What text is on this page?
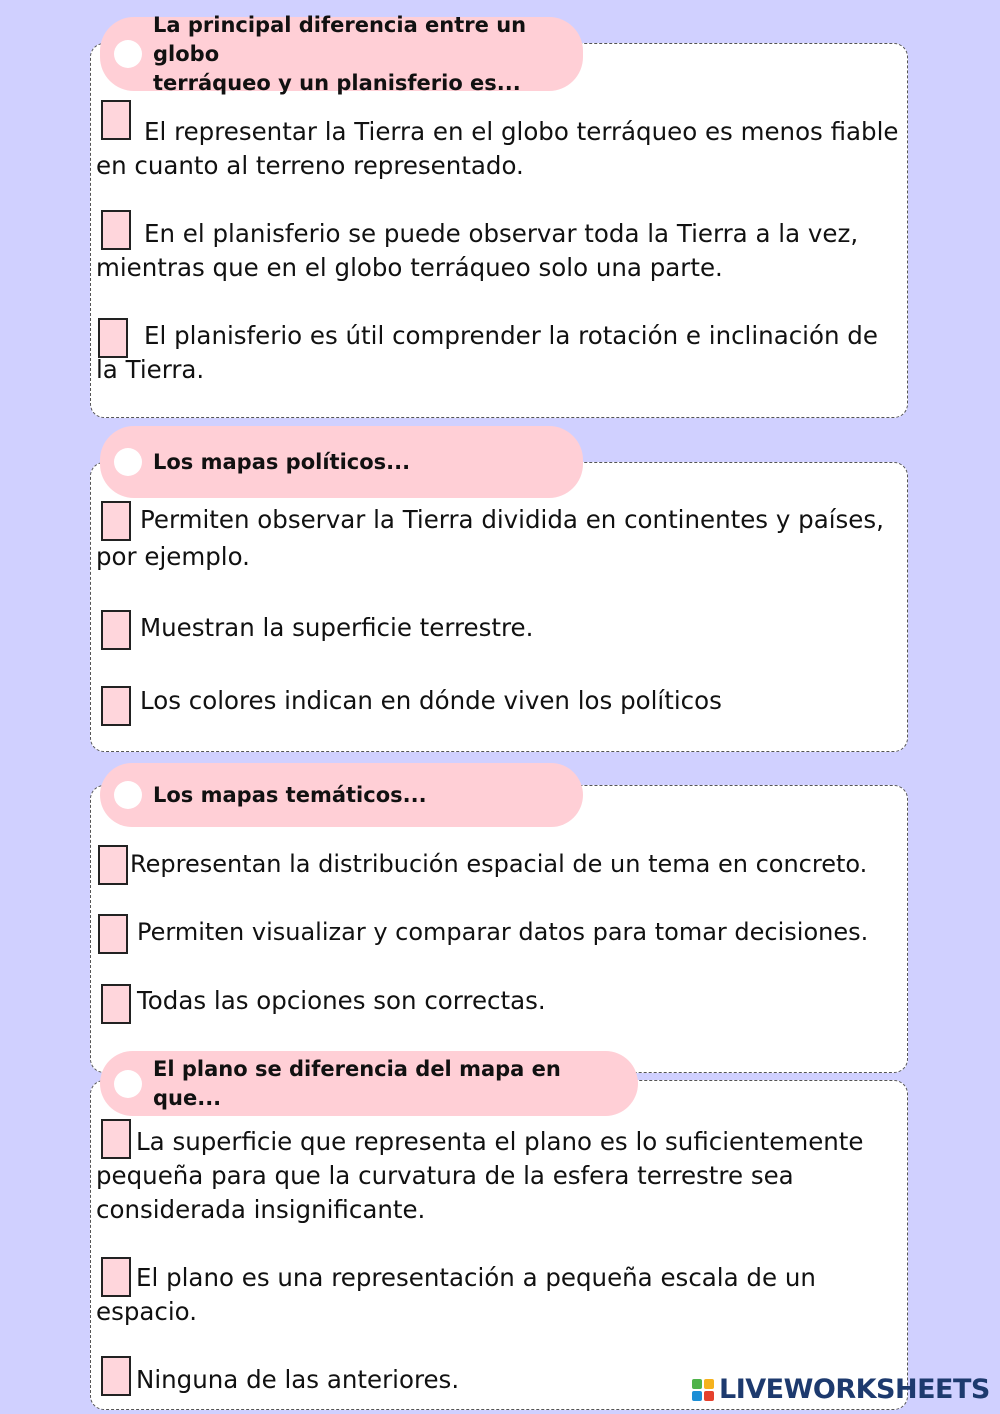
La principal diferencia entre un globo
terráqueo y un planisferio es...

El representar la Tierra en el globo terráqueo es menos fiable en cuanto al terreno representado.

En el planisferio se puede observar toda la Tierra a la vez, mientras que en el globo terráqueo solo una parte.

El planisferio es útil comprender la rotación e inclinación de la Tierra.

Los mapas políticos...

Permiten observar la Tierra dividida en continentes y países, por ejemplo.

Muestran la superficie terrestre.

Los colores indican en dónde viven los políticos

Los mapas temáticos...

Representan la distribución espacial de un tema en concreto.

Permiten visualizar y comparar datos para tomar decisiones.

Todas las opciones son correctas.

El plano se diferencia del mapa en que...

La superficie que representa el plano es lo suficientemente pequeña para que la curvatura de la esfera terrestre sea considerada insignificante.

El plano es una representación a pequeña escala de un espacio.

Ninguna de las anteriores.	LIVEWORKSHEETS
